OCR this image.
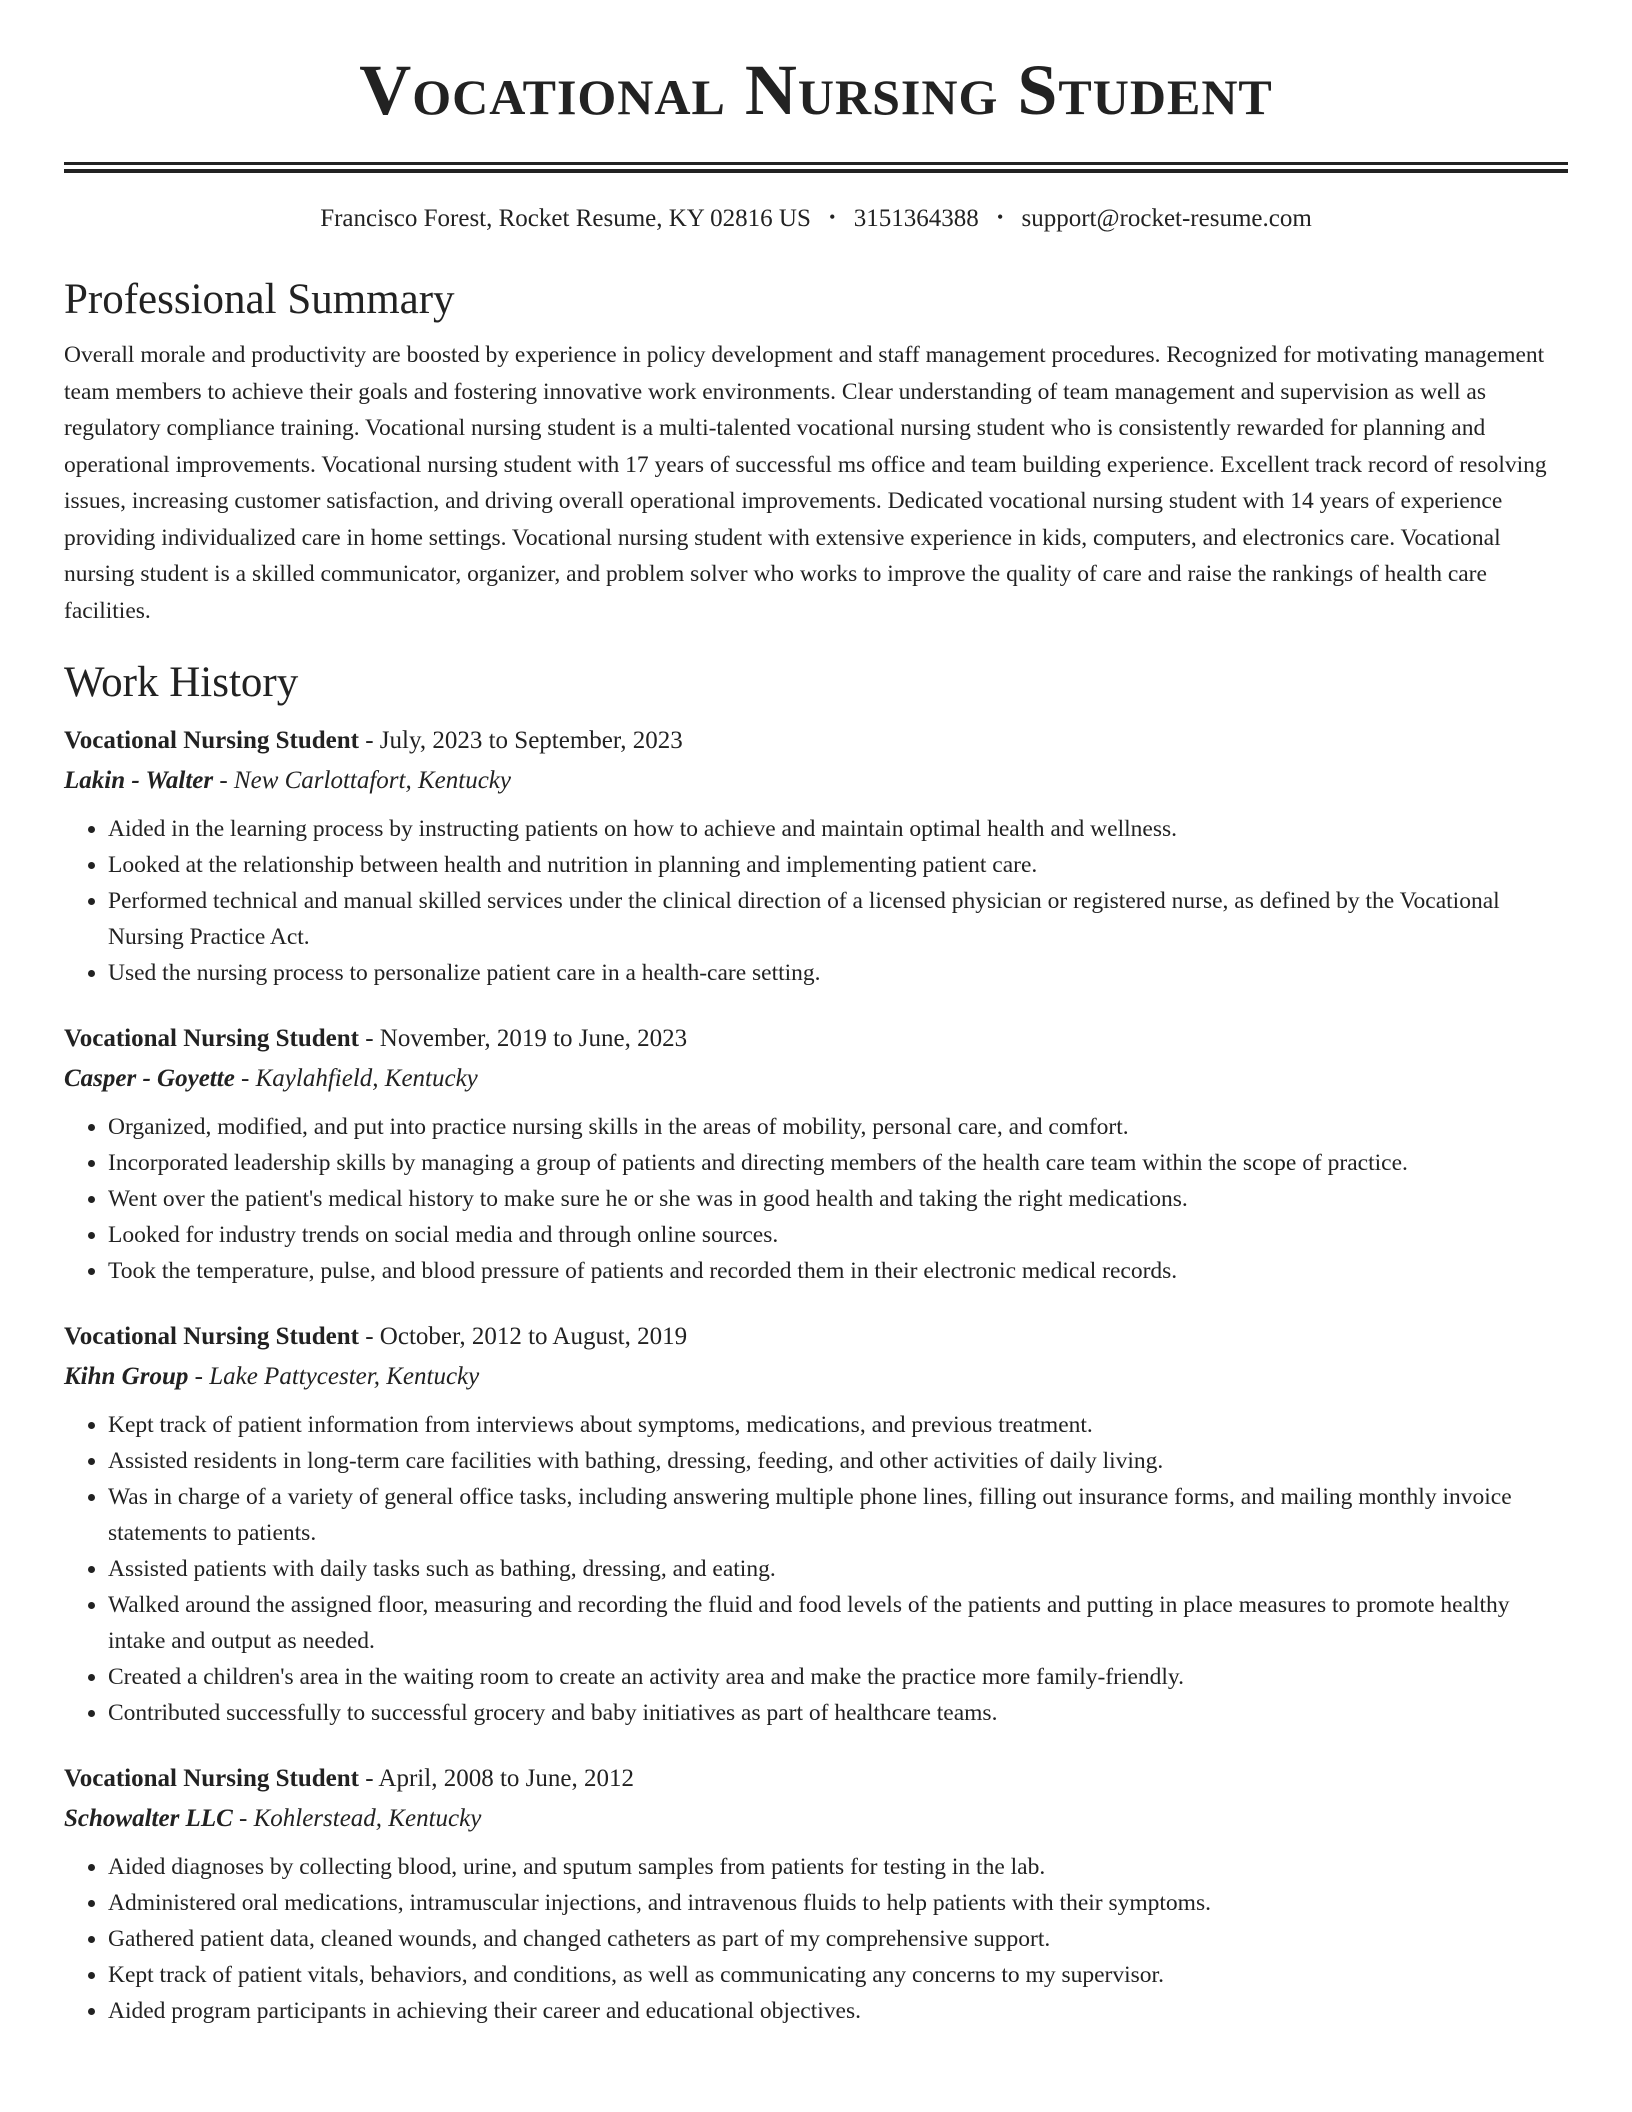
Vocational Nursing Student
Francisco Forest, Rocket Resume, KY 02816 US • 3151364388 • support@rocket-resume.com
Professional Summary

Overall morale and productivity are boosted by experience in policy development and staff management procedures. Recognized for motivating management team members to achieve their goals and fostering innovative work environments. Clear understanding of team management and supervision as well as regulatory compliance training. Vocational nursing student is a multi-talented vocational nursing student who is consistently rewarded for planning and operational improvements. Vocational nursing student with 17 years of successful ms office and team building experience. Excellent track record of resolving issues, increasing customer satisfaction, and driving overall operational improvements. Dedicated vocational nursing student with 14 years of experience providing individualized care in home settings. Vocational nursing student with extensive experience in kids, computers, and electronics care. Vocational nursing student is a skilled communicator, organizer, and problem solver who works to improve the quality of care and raise the rankings of health care facilities.

Work History
Vocational Nursing Student - July, 2023 to September, 2023
Lakin - Walter - New Carlottafort, Kentucky
• Aided in the learning process by instructing patients on how to achieve and maintain optimal health and wellness.
• Looked at the relationship between health and nutrition in planning and implementing patient care.
• Performed technical and manual skilled services under the clinical direction of a licensed physician or registered nurse, as defined by the Vocational Nursing Practice Act.
• Used the nursing process to personalize patient care in a health-care setting.
Vocational Nursing Student - November, 2019 to June, 2023
Casper - Goyette - Kaylahfield, Kentucky
• Organized, modified, and put into practice nursing skills in the areas of mobility, personal care, and comfort.
• Incorporated leadership skills by managing a group of patients and directing members of the health care team within the scope of practice.
• Went over the patient's medical history to make sure he or she was in good health and taking the right medications.
• Looked for industry trends on social media and through online sources.
• Took the temperature, pulse, and blood pressure of patients and recorded them in their electronic medical records.
Vocational Nursing Student - October, 2012 to August, 2019
Kihn Group - Lake Pattycester, Kentucky
• Kept track of patient information from interviews about symptoms, medications, and previous treatment.
• Assisted residents in long-term care facilities with bathing, dressing, feeding, and other activities of daily living.
• Was in charge of a variety of general office tasks, including answering multiple phone lines, filling out insurance forms, and mailing monthly invoice statements to patients.
• Assisted patients with daily tasks such as bathing, dressing, and eating.
• Walked around the assigned floor, measuring and recording the fluid and food levels of the patients and putting in place measures to promote healthy intake and output as needed.
• Created a children's area in the waiting room to create an activity area and make the practice more family-friendly.
• Contributed successfully to successful grocery and baby initiatives as part of healthcare teams.
Vocational Nursing Student - April, 2008 to June, 2012
Schowalter LLC - Kohlerstead, Kentucky
• Aided diagnoses by collecting blood, urine, and sputum samples from patients for testing in the lab.
• Administered oral medications, intramuscular injections, and intravenous fluids to help patients with their symptoms.
• Gathered patient data, cleaned wounds, and changed catheters as part of my comprehensive support.
• Kept track of patient vitals, behaviors, and conditions, as well as communicating any concerns to my supervisor.
• Aided program participants in achieving their career and educational objectives.
